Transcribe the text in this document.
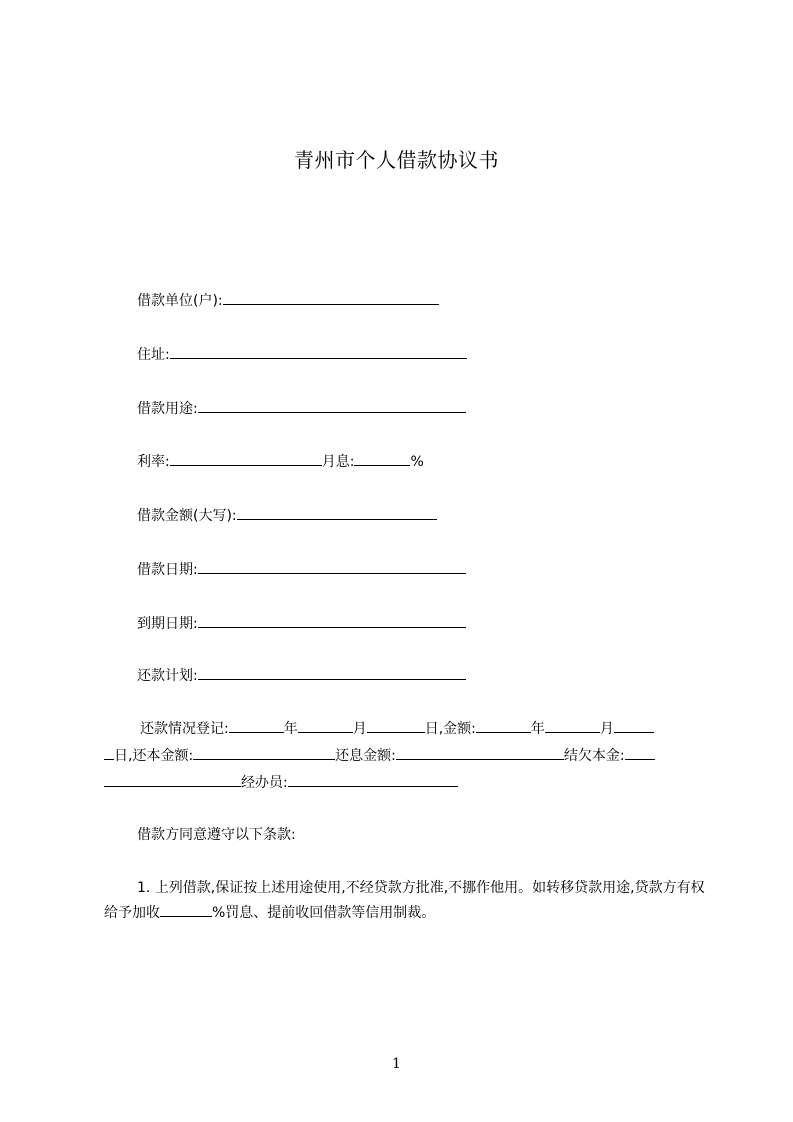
青州市个人借款协议书
借款单位(户):
住址:
借款用途:
利率:	月息:	%
借款金额(大写):
借款日期:
到期日期:
还款计划:
还款情况登记:	年	月	日,金额:	年	月
日,还本金额:	还息金额:	结欠本金:
经办员:
借款方同意遵守以下条款:
1. 上列借款,保证按上述用途使用,不经贷款方批准,不挪作他用。如转移贷款用途,贷款方有权给予加收	%罚息、提前收回借款等信用制裁。
1
